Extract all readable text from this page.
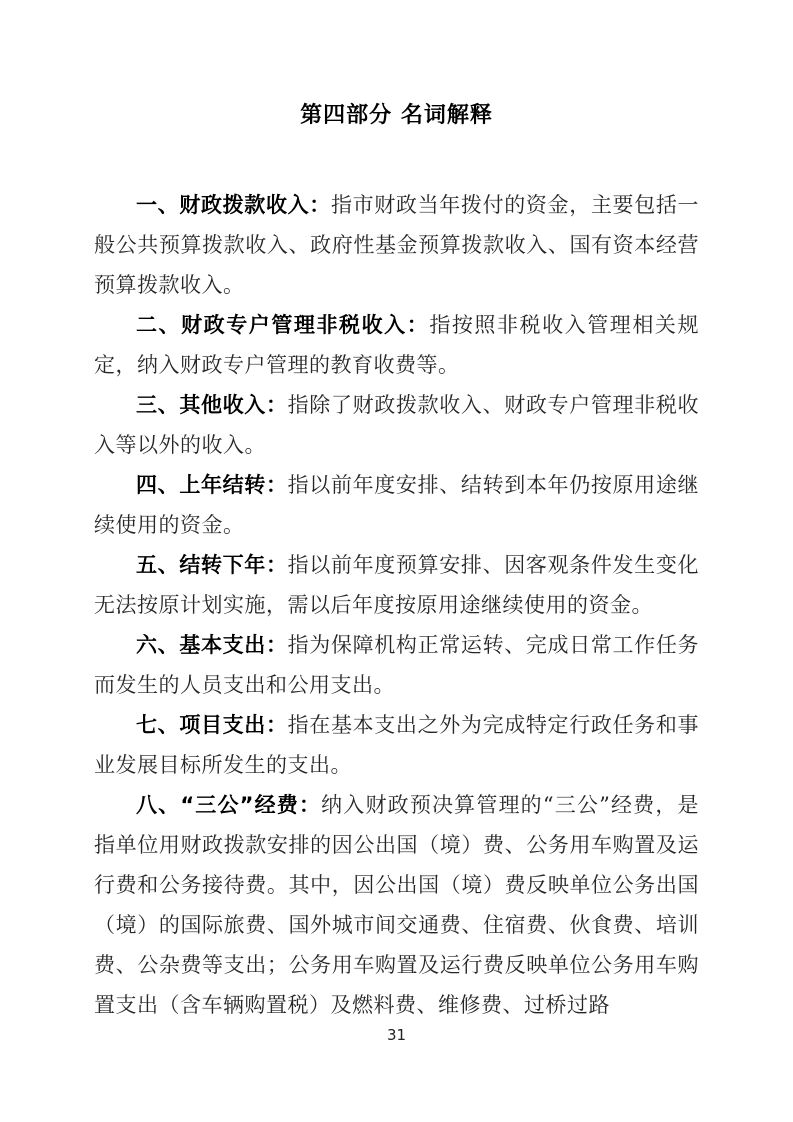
第四部分 名词解释

一、财政拨款收入：指市财政当年拨付的资金，主要包括一般公共预算拨款收入、政府性基金预算拨款收入、国有资本经营预算拨款收入。

二、财政专户管理非税收入：指按照非税收入管理相关规定，纳入财政专户管理的教育收费等。

三、其他收入：指除了财政拨款收入、财政专户管理非税收入等以外的收入。

四、上年结转：指以前年度安排、结转到本年仍按原用途继续使用的资金。

五、结转下年：指以前年度预算安排、因客观条件发生变化无法按原计划实施，需以后年度按原用途继续使用的资金。

六、基本支出：指为保障机构正常运转、完成日常工作任务而发生的人员支出和公用支出。

七、项目支出：指在基本支出之外为完成特定行政任务和事业发展目标所发生的支出。

八、“三公”经费：纳入财政预决算管理的“三公”经费，是指单位用财政拨款安排的因公出国（境）费、公务用车购置及运行费和公务接待费。其中，因公出国（境）费反映单位公务出国（境）的国际旅费、国外城市间交通费、住宿费、伙食费、培训费、公杂费等支出；公务用车购置及运行费反映单位公务用车购置支出（含车辆购置税）及燃料费、维修费、过桥过路

31
